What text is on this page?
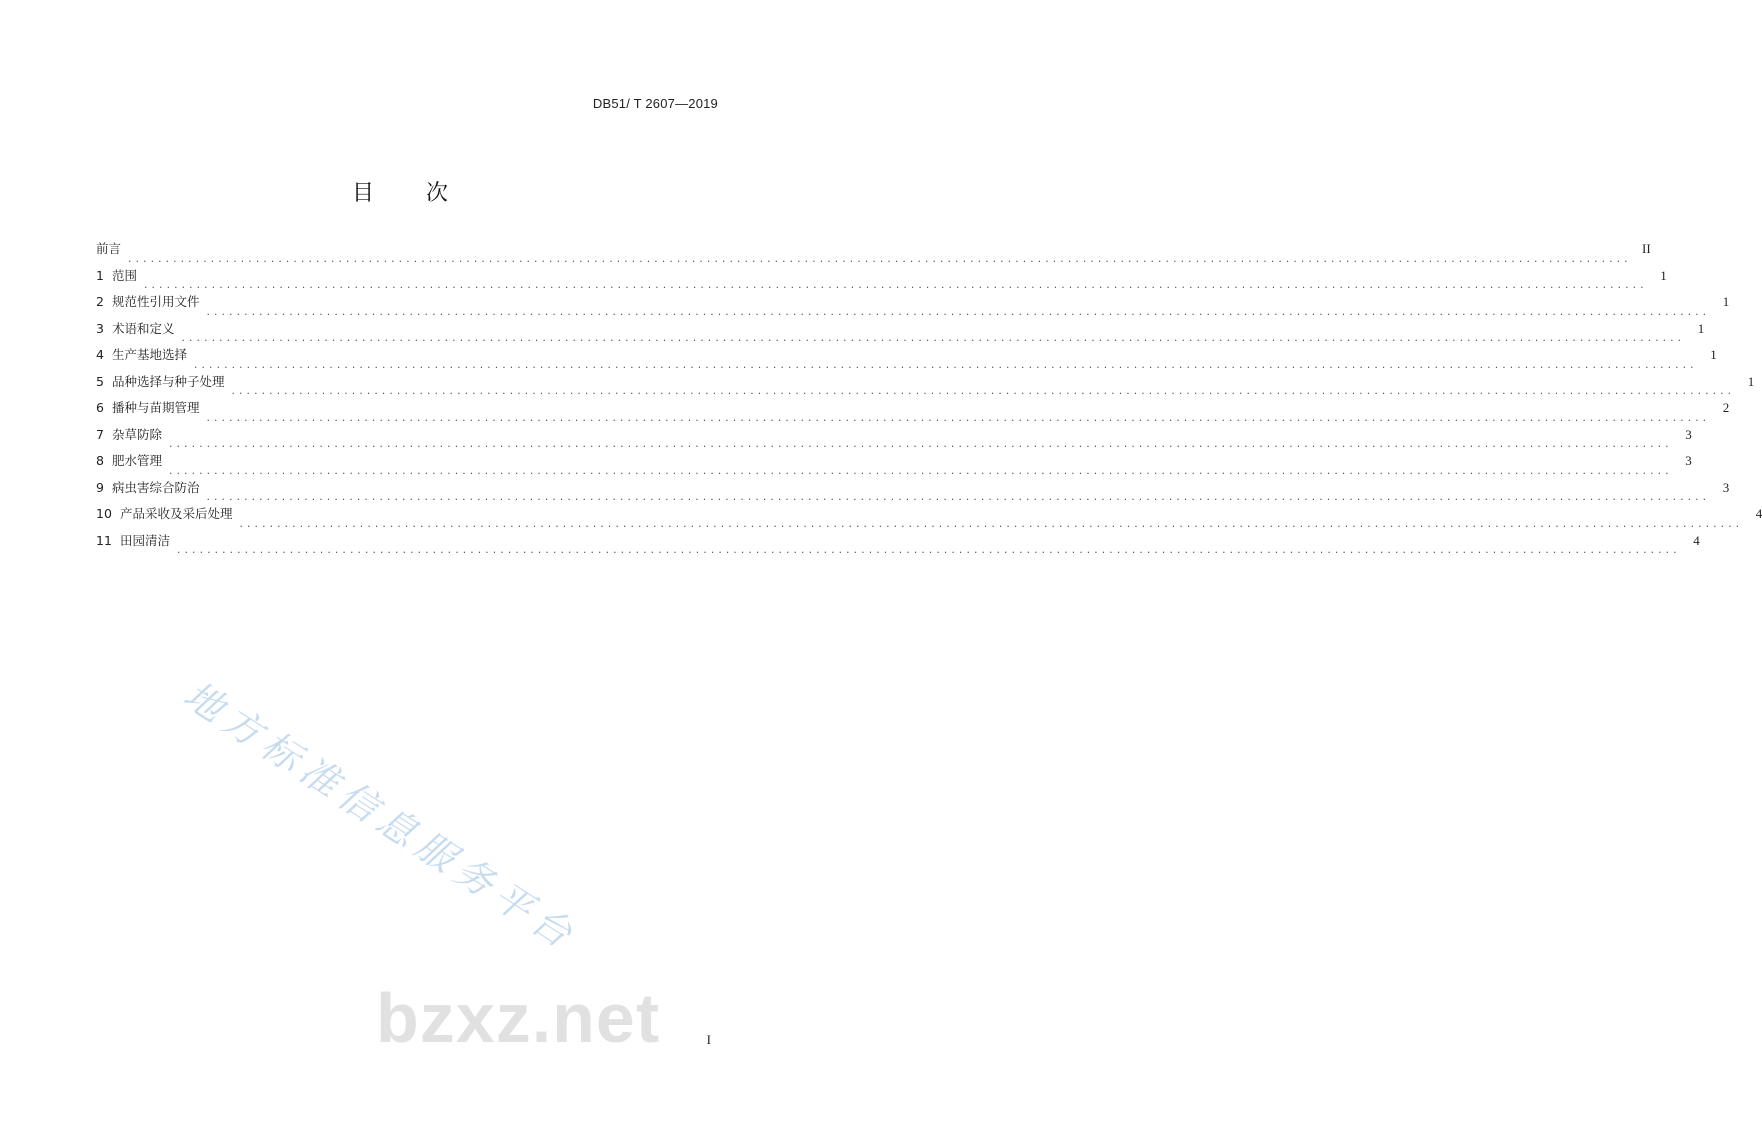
DB51/ T 2607—2019
目 次
前言
........................................................................................................................................................................................................
II
1 范围
........................................................................................................................................................................................................
1
2 规范性引用文件
........................................................................................................................................................................................................
1
3 术语和定义
........................................................................................................................................................................................................
1
4 生产基地选择
........................................................................................................................................................................................................
1
5 品种选择与种子处理
........................................................................................................................................................................................................
1
6 播种与苗期管理
........................................................................................................................................................................................................
2
7 杂草防除
........................................................................................................................................................................................................
3
8 肥水管理
........................................................................................................................................................................................................
3
9 病虫害综合防治
........................................................................................................................................................................................................
3
10 产品采收及采后处理
........................................................................................................................................................................................................
4
11 田园清洁
........................................................................................................................................................................................................
4
地方标准信息服务平台
bzxz.net	I
